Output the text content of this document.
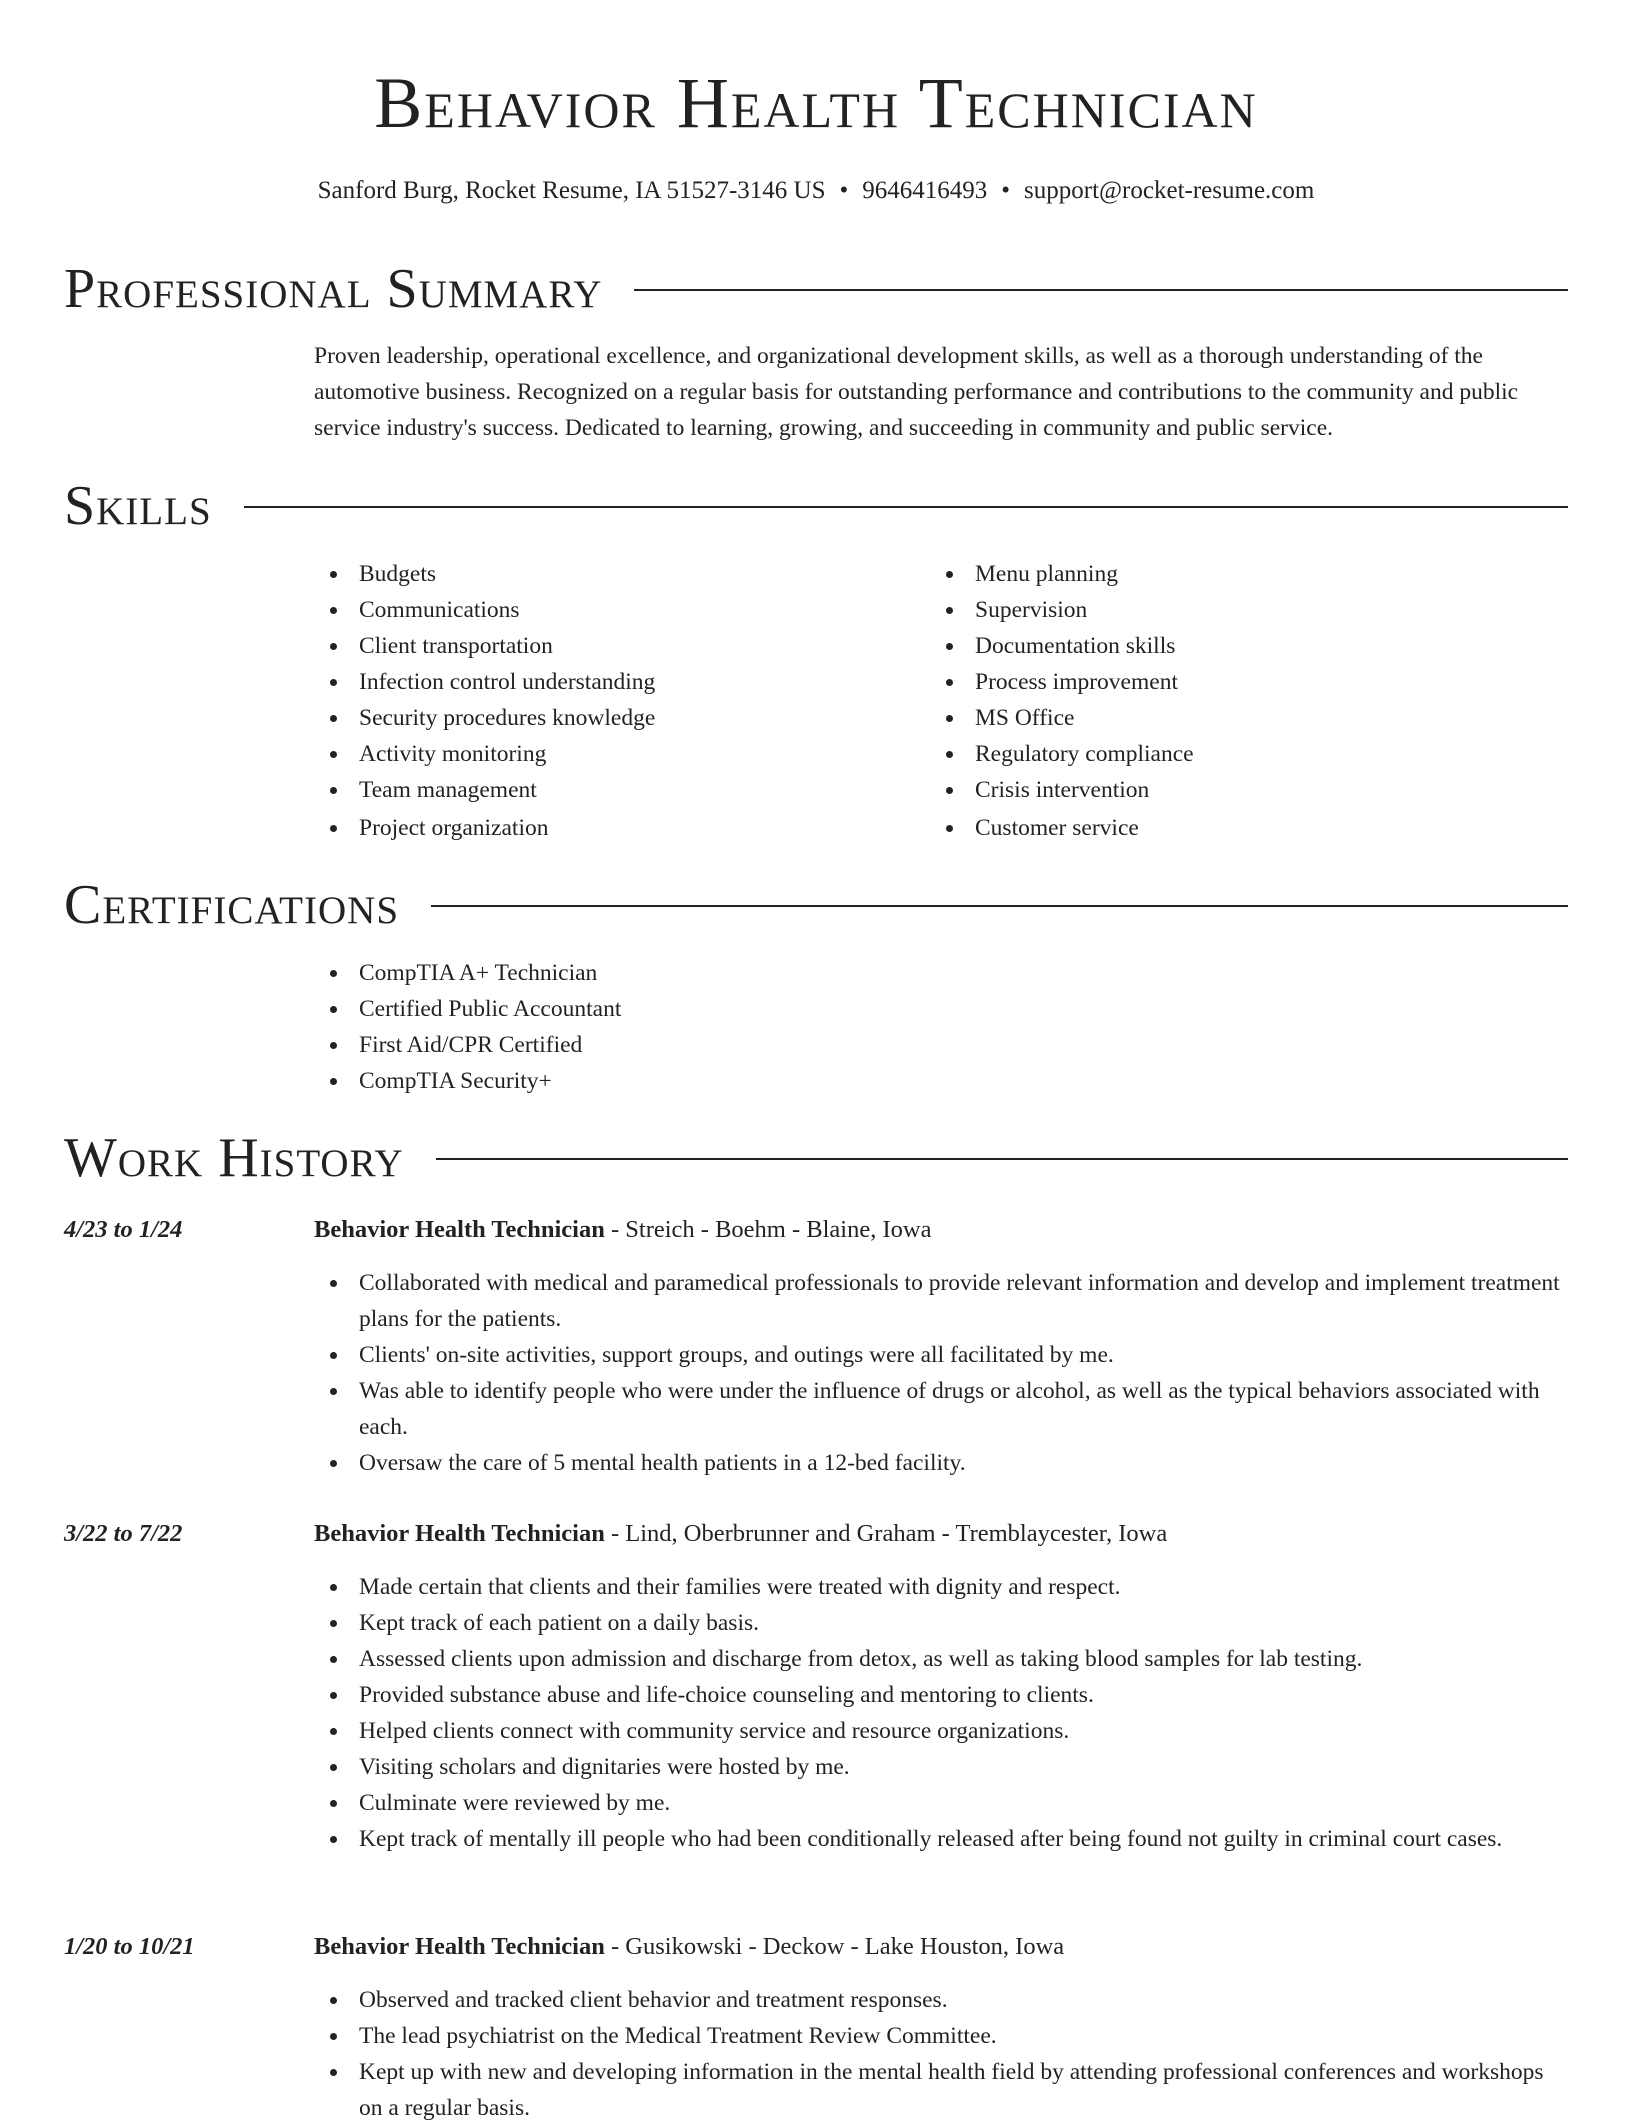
Behavior Health Technician
Sanford Burg, Rocket Resume, IA 51527-3146 US • 9646416493 • support@rocket-resume.com
Professional Summary
Proven leadership, operational excellence, and organizational development skills, as well as a thorough understanding of the automotive business. Recognized on a regular basis for outstanding performance and contributions to the community and public service industry's success. Dedicated to learning, growing, and succeeding in community and public service.
Skills
Budgets
Communications
Client transportation
Infection control understanding
Security procedures knowledge
Activity monitoring
Team management
Project organization
Menu planning
Supervision
Documentation skills
Process improvement
MS Office
Regulatory compliance
Crisis intervention
Customer service
Certifications
CompTIA A+ Technician
Certified Public Accountant
First Aid/CPR Certified
CompTIA Security+
Work History
4/23 to 1/24	Behavior Health Technician - Streich - Boehm - Blaine, Iowa
Collaborated with medical and paramedical professionals to provide relevant information and develop and implement treatment plans for the patients.
Clients' on-site activities, support groups, and outings were all facilitated by me.
Was able to identify people who were under the influence of drugs or alcohol, as well as the typical behaviors associated with each.
Oversaw the care of 5 mental health patients in a 12-bed facility.
3/22 to 7/22	Behavior Health Technician - Lind, Oberbrunner and Graham - Tremblaycester, Iowa
Made certain that clients and their families were treated with dignity and respect.
Kept track of each patient on a daily basis.
Assessed clients upon admission and discharge from detox, as well as taking blood samples for lab testing.
Provided substance abuse and life-choice counseling and mentoring to clients.
Helped clients connect with community service and resource organizations.
Visiting scholars and dignitaries were hosted by me.
Culminate were reviewed by me.
Kept track of mentally ill people who had been conditionally released after being found not guilty in criminal court cases.
1/20 to 10/21	Behavior Health Technician - Gusikowski - Deckow - Lake Houston, Iowa
Observed and tracked client behavior and treatment responses.
The lead psychiatrist on the Medical Treatment Review Committee.
Kept up with new and developing information in the mental health field by attending professional conferences and workshops on a regular basis.
